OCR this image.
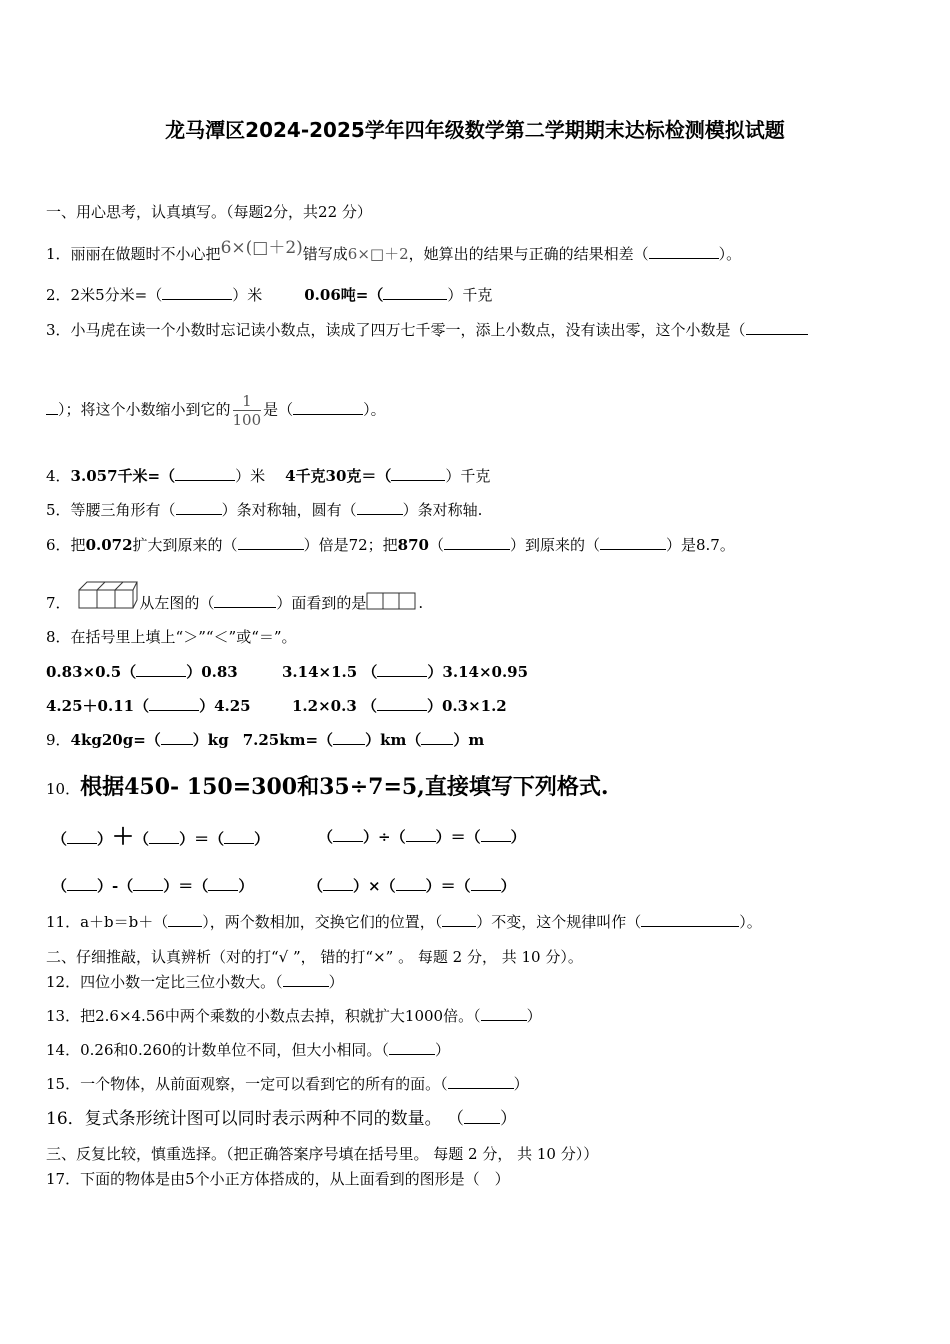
龙马潭区2024-2025学年四年级数学第二学期期末达标检测模拟试题
一、用心思考，认真填写。（每题2分，共22 分）
1．丽丽在做题时不小心把6×(□＋2)错写成6×□＋2，她算出的结果与正确的结果相差（	）。
2．2米5分米=（	）米	0.06吨=（	）千克
3．小马虎在读一个小数时忘记读小数点，读成了四万七千零一，添上小数点，没有读出零，这个小数是（
）；将这个小数缩小到它的 $\frac{1}{100}$ 是（	）。
4．3.057千米=（	）米 4千克30克＝（	）千克
5．等腰三角形有（	）条对称轴，圆有（	）条对称轴.
6．把0.072扩大到原来的（	）倍是72；把870（	）到原来的（	）是8.7。
7．	从左图的（	）面看到的是	.
8．在括号里上填上“＞”“＜”或“＝”。
0.83×0.5（	）0.83	3.14×1.5 （	）3.14×0.95
4.25＋0.11（	）4.25	1.2×0.3 （	）0.3×1.2
9．4kg20g=（ ）kg 7.25km=（ ）km（ ）m
10．根据450- 150=300和35÷7=5,直接填写下列格式.
（ ）＋（ ）＝（ ）	（ ）÷（ ）＝（ ）
（ ）-（ ）＝（ ）	（ ）×（ ）＝（ ）
11．a＋b＝b＋（ ），两个数相加，交换它们的位置，（ ）不变，这个规律叫作（	）。
二、仔细推敲，认真辨析（对的打“√ ”， 错的打“×” 。 每题 2 分， 共 10 分）。
12．四位小数一定比三位小数大。（	）
13．把2.6×4.56中两个乘数的小数点去掉，积就扩大1000倍。（	）
14．0.26和0.260的计数单位不同，但大小相同。（	）
15．一个物体，从前面观察，一定可以看到它的所有的面。（	）
16．复式条形统计图可以同时表示两种不同的数量。 （ ）
三、反复比较，慎重选择。（把正确答案序号填在括号里。 每题 2 分， 共 10 分））
17．下面的物体是由5个小正方体搭成的，从上面看到的图形是（　）
